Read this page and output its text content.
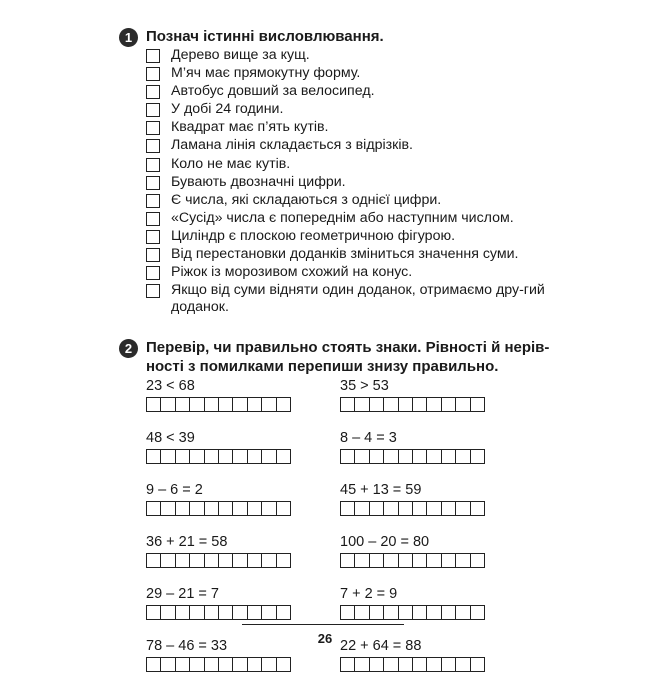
1 Познач істинні висловлювання.
Дерево вище за кущ.
М’яч має прямокутну форму.
Автобус довший за велосипед.
У добі 24 години.
Квадрат має п’ять кутів.
Ламана лінія складається з відрізків.
Коло не має кутів.
Бувають двозначні цифри.
Є числа, які складаються з однієї цифри.
«Сусід» числа є попереднім або наступним числом.
Циліндр є плоскою геометричною фігурою.
Від перестановки доданків зміниться значення суми.
Ріжок із морозивом схожий на конус.
Якщо від суми відняти один доданок, отримаємо дру-гий доданок.
2 Перевір, чи правильно стоять знаки. Рівності й нерів-
ності з помилками перепиши знизу правильно.
23 < 68
48 < 39
9 – 6 = 2
36 + 21 = 58
29 – 21 = 7
78 – 46 = 33
35 > 53
8 – 4 = 3
45 + 13 = 59
100 – 20 = 80
7 + 2 = 9
22 + 64 = 88
26
